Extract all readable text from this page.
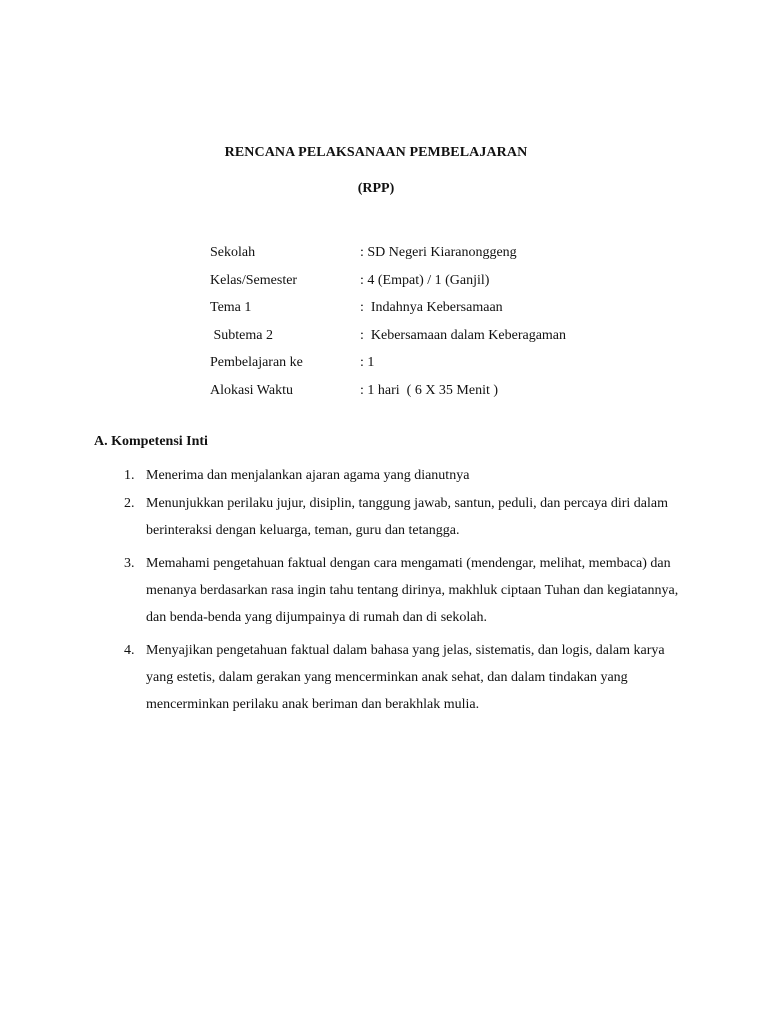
RENCANA PELAKSANAAN PEMBELAJARAN
(RPP)
Sekolah	: SD Negeri Kiaranonggeng
Kelas/Semester	: 4 (Empat) / 1 (Ganjil)
Tema 1	:  Indahnya Kebersamaan
Subtema 2	:  Kebersamaan dalam Keberagaman
Pembelajaran ke	: 1
Alokasi Waktu	: 1 hari  ( 6 X 35 Menit )
A. Kompetensi Inti
1. Menerima dan menjalankan ajaran agama yang dianutnya
2. Menunjukkan perilaku jujur, disiplin, tanggung jawab, santun, peduli, dan percaya diri dalam berinteraksi dengan keluarga, teman, guru dan tetangga.
3. Memahami pengetahuan faktual dengan cara mengamati (mendengar, melihat, membaca) dan menanya berdasarkan rasa ingin tahu tentang dirinya, makhluk ciptaan Tuhan dan kegiatannya, dan benda-benda yang dijumpainya di rumah dan di sekolah.
4. Menyajikan pengetahuan faktual dalam bahasa yang jelas, sistematis, dan logis, dalam karya yang estetis, dalam gerakan yang mencerminkan anak sehat, dan dalam tindakan yang mencerminkan perilaku anak beriman dan berakhlak mulia.
